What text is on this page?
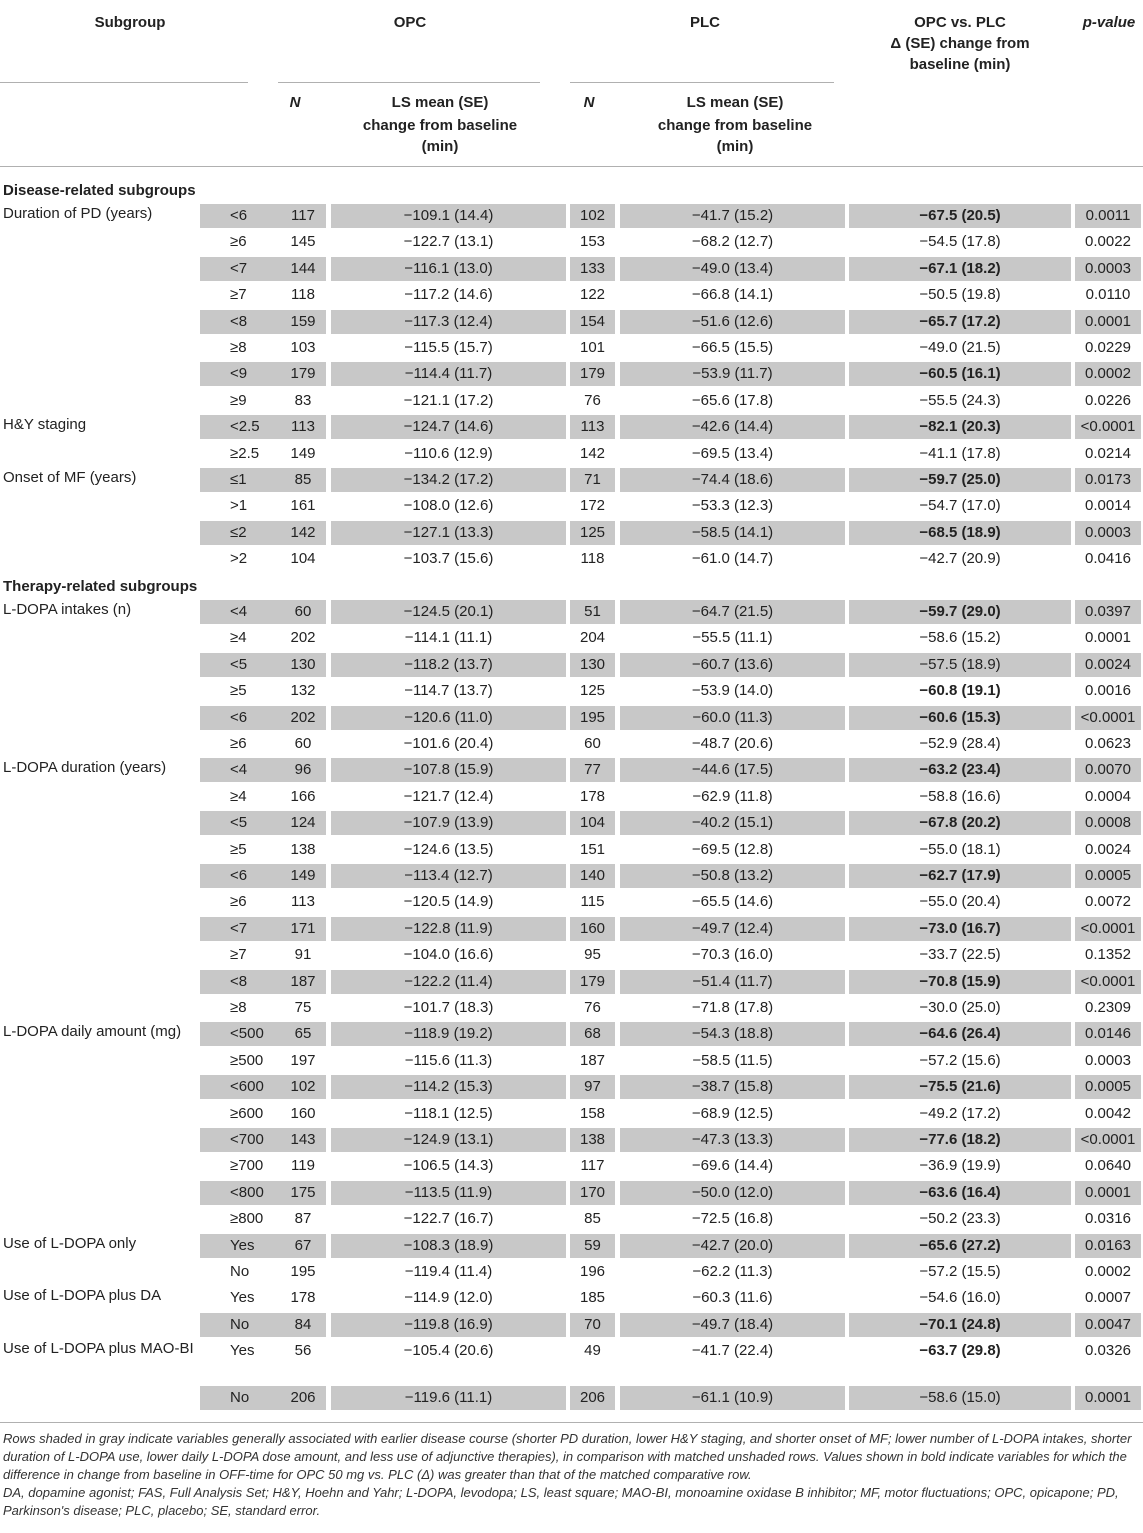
Subgroup	OPC	PLC	OPC vs. PLC
Δ (SE) change from
baseline (min)
p-value
N	LS mean (SE)
change from baseline
(min)
N	LS mean (SE)
change from baseline
(min)
Disease-related subgroups
Therapy-related subgroups
Duration of PD (years)	<6	117	−109.1 (14.4)	102	−41.7 (15.2)	−67.5 (20.5)	0.0011
≥6	145	−122.7 (13.1)	153	−68.2 (12.7)	−54.5 (17.8)	0.0022
<7	144	−116.1 (13.0)	133	−49.0 (13.4)	−67.1 (18.2)	0.0003
≥7	118	−117.2 (14.6)	122	−66.8 (14.1)	−50.5 (19.8)	0.0110
<8	159	−117.3 (12.4)	154	−51.6 (12.6)	−65.7 (17.2)	0.0001
≥8	103	−115.5 (15.7)	101	−66.5 (15.5)	−49.0 (21.5)	0.0229
<9	179	−114.4 (11.7)	179	−53.9 (11.7)	−60.5 (16.1)	0.0002
≥9	83	−121.1 (17.2)	76	−65.6 (17.8)	−55.5 (24.3)	0.0226
H&Y staging	<2.5	113	−124.7 (14.6)	113	−42.6 (14.4)	−82.1 (20.3)	<0.0001
≥2.5	149	−110.6 (12.9)	142	−69.5 (13.4)	−41.1 (17.8)	0.0214
Onset of MF (years)	≤1	85	−134.2 (17.2)	71	−74.4 (18.6)	−59.7 (25.0)	0.0173
>1	161	−108.0 (12.6)	172	−53.3 (12.3)	−54.7 (17.0)	0.0014
≤2	142	−127.1 (13.3)	125	−58.5 (14.1)	−68.5 (18.9)	0.0003
>2	104	−103.7 (15.6)	118	−61.0 (14.7)	−42.7 (20.9)	0.0416
L-DOPA intakes (n)	<4	60	−124.5 (20.1)	51	−64.7 (21.5)	−59.7 (29.0)	0.0397
≥4	202	−114.1 (11.1)	204	−55.5 (11.1)	−58.6 (15.2)	0.0001
<5	130	−118.2 (13.7)	130	−60.7 (13.6)	−57.5 (18.9)	0.0024
≥5	132	−114.7 (13.7)	125	−53.9 (14.0)	−60.8 (19.1)	0.0016
<6	202	−120.6 (11.0)	195	−60.0 (11.3)	−60.6 (15.3)	<0.0001
≥6	60	−101.6 (20.4)	60	−48.7 (20.6)	−52.9 (28.4)	0.0623
L-DOPA duration (years)	<4	96	−107.8 (15.9)	77	−44.6 (17.5)	−63.2 (23.4)	0.0070
≥4	166	−121.7 (12.4)	178	−62.9 (11.8)	−58.8 (16.6)	0.0004
<5	124	−107.9 (13.9)	104	−40.2 (15.1)	−67.8 (20.2)	0.0008
≥5	138	−124.6 (13.5)	151	−69.5 (12.8)	−55.0 (18.1)	0.0024
<6	149	−113.4 (12.7)	140	−50.8 (13.2)	−62.7 (17.9)	0.0005
≥6	113	−120.5 (14.9)	115	−65.5 (14.6)	−55.0 (20.4)	0.0072
<7	171	−122.8 (11.9)	160	−49.7 (12.4)	−73.0 (16.7)	<0.0001
≥7	91	−104.0 (16.6)	95	−70.3 (16.0)	−33.7 (22.5)	0.1352
<8	187	−122.2 (11.4)	179	−51.4 (11.7)	−70.8 (15.9)	<0.0001
≥8	75	−101.7 (18.3)	76	−71.8 (17.8)	−30.0 (25.0)	0.2309
L-DOPA daily amount (mg)	<500	65	−118.9 (19.2)	68	−54.3 (18.8)	−64.6 (26.4)	0.0146
≥500	197	−115.6 (11.3)	187	−58.5 (11.5)	−57.2 (15.6)	0.0003
<600	102	−114.2 (15.3)	97	−38.7 (15.8)	−75.5 (21.6)	0.0005
≥600	160	−118.1 (12.5)	158	−68.9 (12.5)	−49.2 (17.2)	0.0042
<700	143	−124.9 (13.1)	138	−47.3 (13.3)	−77.6 (18.2)	<0.0001
≥700	119	−106.5 (14.3)	117	−69.6 (14.4)	−36.9 (19.9)	0.0640
<800	175	−113.5 (11.9)	170	−50.0 (12.0)	−63.6 (16.4)	0.0001
≥800	87	−122.7 (16.7)	85	−72.5 (16.8)	−50.2 (23.3)	0.0316
Use of L-DOPA only	Yes	67	−108.3 (18.9)	59	−42.7 (20.0)	−65.6 (27.2)	0.0163
No	195	−119.4 (11.4)	196	−62.2 (11.3)	−57.2 (15.5)	0.0002
Use of L-DOPA plus DA	Yes	178	−114.9 (12.0)	185	−60.3 (11.6)	−54.6 (16.0)	0.0007
No	84	−119.8 (16.9)	70	−49.7 (18.4)	−70.1 (24.8)	0.0047
Use of L-DOPA plus MAO-BI	Yes	56	−105.4 (20.6)	49	−41.7 (22.4)	−63.7 (29.8)	0.0326
No	206	−119.6 (11.1)	206	−61.1 (10.9)	−58.6 (15.0)	0.0001
Rows shaded in gray indicate variables generally associated with earlier disease course (shorter PD duration, lower H&Y staging, and shorter onset of MF; lower number of L-DOPA intakes, shorter duration of L-DOPA use, lower daily L-DOPA dose amount, and less use of adjunctive therapies), in comparison with matched unshaded rows. Values shown in bold indicate variables for which the difference in change from baseline in OFF-time for OPC 50 mg vs. PLC (Δ) was greater than that of the matched comparative row.
DA, dopamine agonist; FAS, Full Analysis Set; H&Y, Hoehn and Yahr; L-DOPA, levodopa; LS, least square; MAO-BI, monoamine oxidase B inhibitor; MF, motor fluctuations; OPC, opicapone; PD, Parkinson's disease; PLC, placebo; SE, standard error.
